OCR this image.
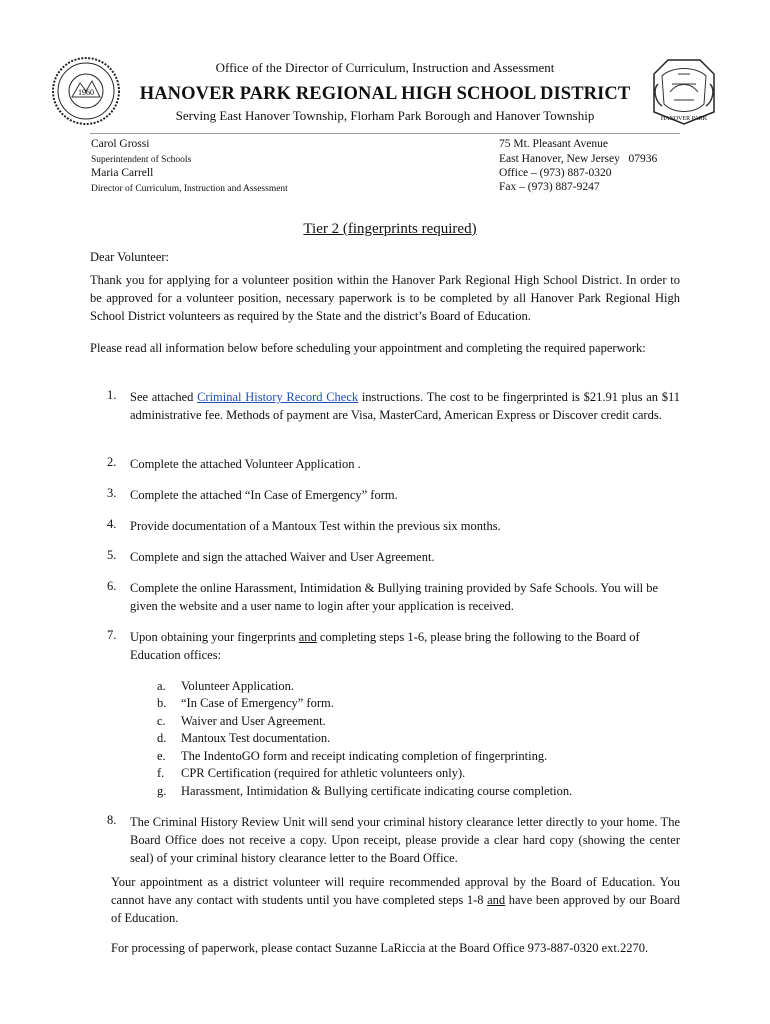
1960
HANOVER PARK
Office of the Director of Curriculum, Instruction and Assessment
HANOVER PARK REGIONAL HIGH SCHOOL DISTRICT
Serving East Hanover Township, Florham Park Borough and Hanover Township
Carol Grossi
Superintendent of Schools
Maria Carrell
Director of Curriculum, Instruction and Assessment
75 Mt. Pleasant Avenue
East Hanover, New Jersey   07936
Office – (973) 887-0320
Fax – (973) 887-9247
Tier 2 (fingerprints required)
Dear Volunteer:
Thank you for applying for a volunteer position within the Hanover Park Regional High School District. In order to be approved for a volunteer position, necessary paperwork is to be completed by all Hanover Park Regional High School District volunteers as required by the State and the district’s Board of Education.
Please read all information below before scheduling your appointment and completing the required paperwork:
1. See attached Criminal History Record Check instructions. The cost to be fingerprinted is $21.91 plus an $11 administrative fee. Methods of payment are Visa, MasterCard, American Express or Discover credit cards.
2. Complete the attached Volunteer Application .
3. Complete the attached “In Case of Emergency” form.
4. Provide documentation of a Mantoux Test within the previous six months.
5. Complete and sign the attached Waiver and User Agreement.
6. Complete the online Harassment, Intimidation & Bullying training provided by Safe Schools. You will be given the website and a user name to login after your application is received.
7. Upon obtaining your fingerprints and completing steps 1-6, please bring the following to the Board of Education offices:
a. Volunteer Application.
b. “In Case of Emergency” form.
c. Waiver and User Agreement.
d. Mantoux Test documentation.
e. The IndentoGO form and receipt indicating completion of fingerprinting.
f. CPR Certification (required for athletic volunteers only).
g. Harassment, Intimidation & Bullying certificate indicating course completion.
8. The Criminal History Review Unit will send your criminal history clearance letter directly to your home. The Board Office does not receive a copy. Upon receipt, please provide a clear hard copy (showing the center seal) of your criminal history clearance letter to the Board Office.
Your appointment as a district volunteer will require recommended approval by the Board of Education. You cannot have any contact with students until you have completed steps 1-8 and have been approved by our Board of Education.
For processing of paperwork, please contact Suzanne LaRiccia at the Board Office 973-887-0320 ext.2270.
